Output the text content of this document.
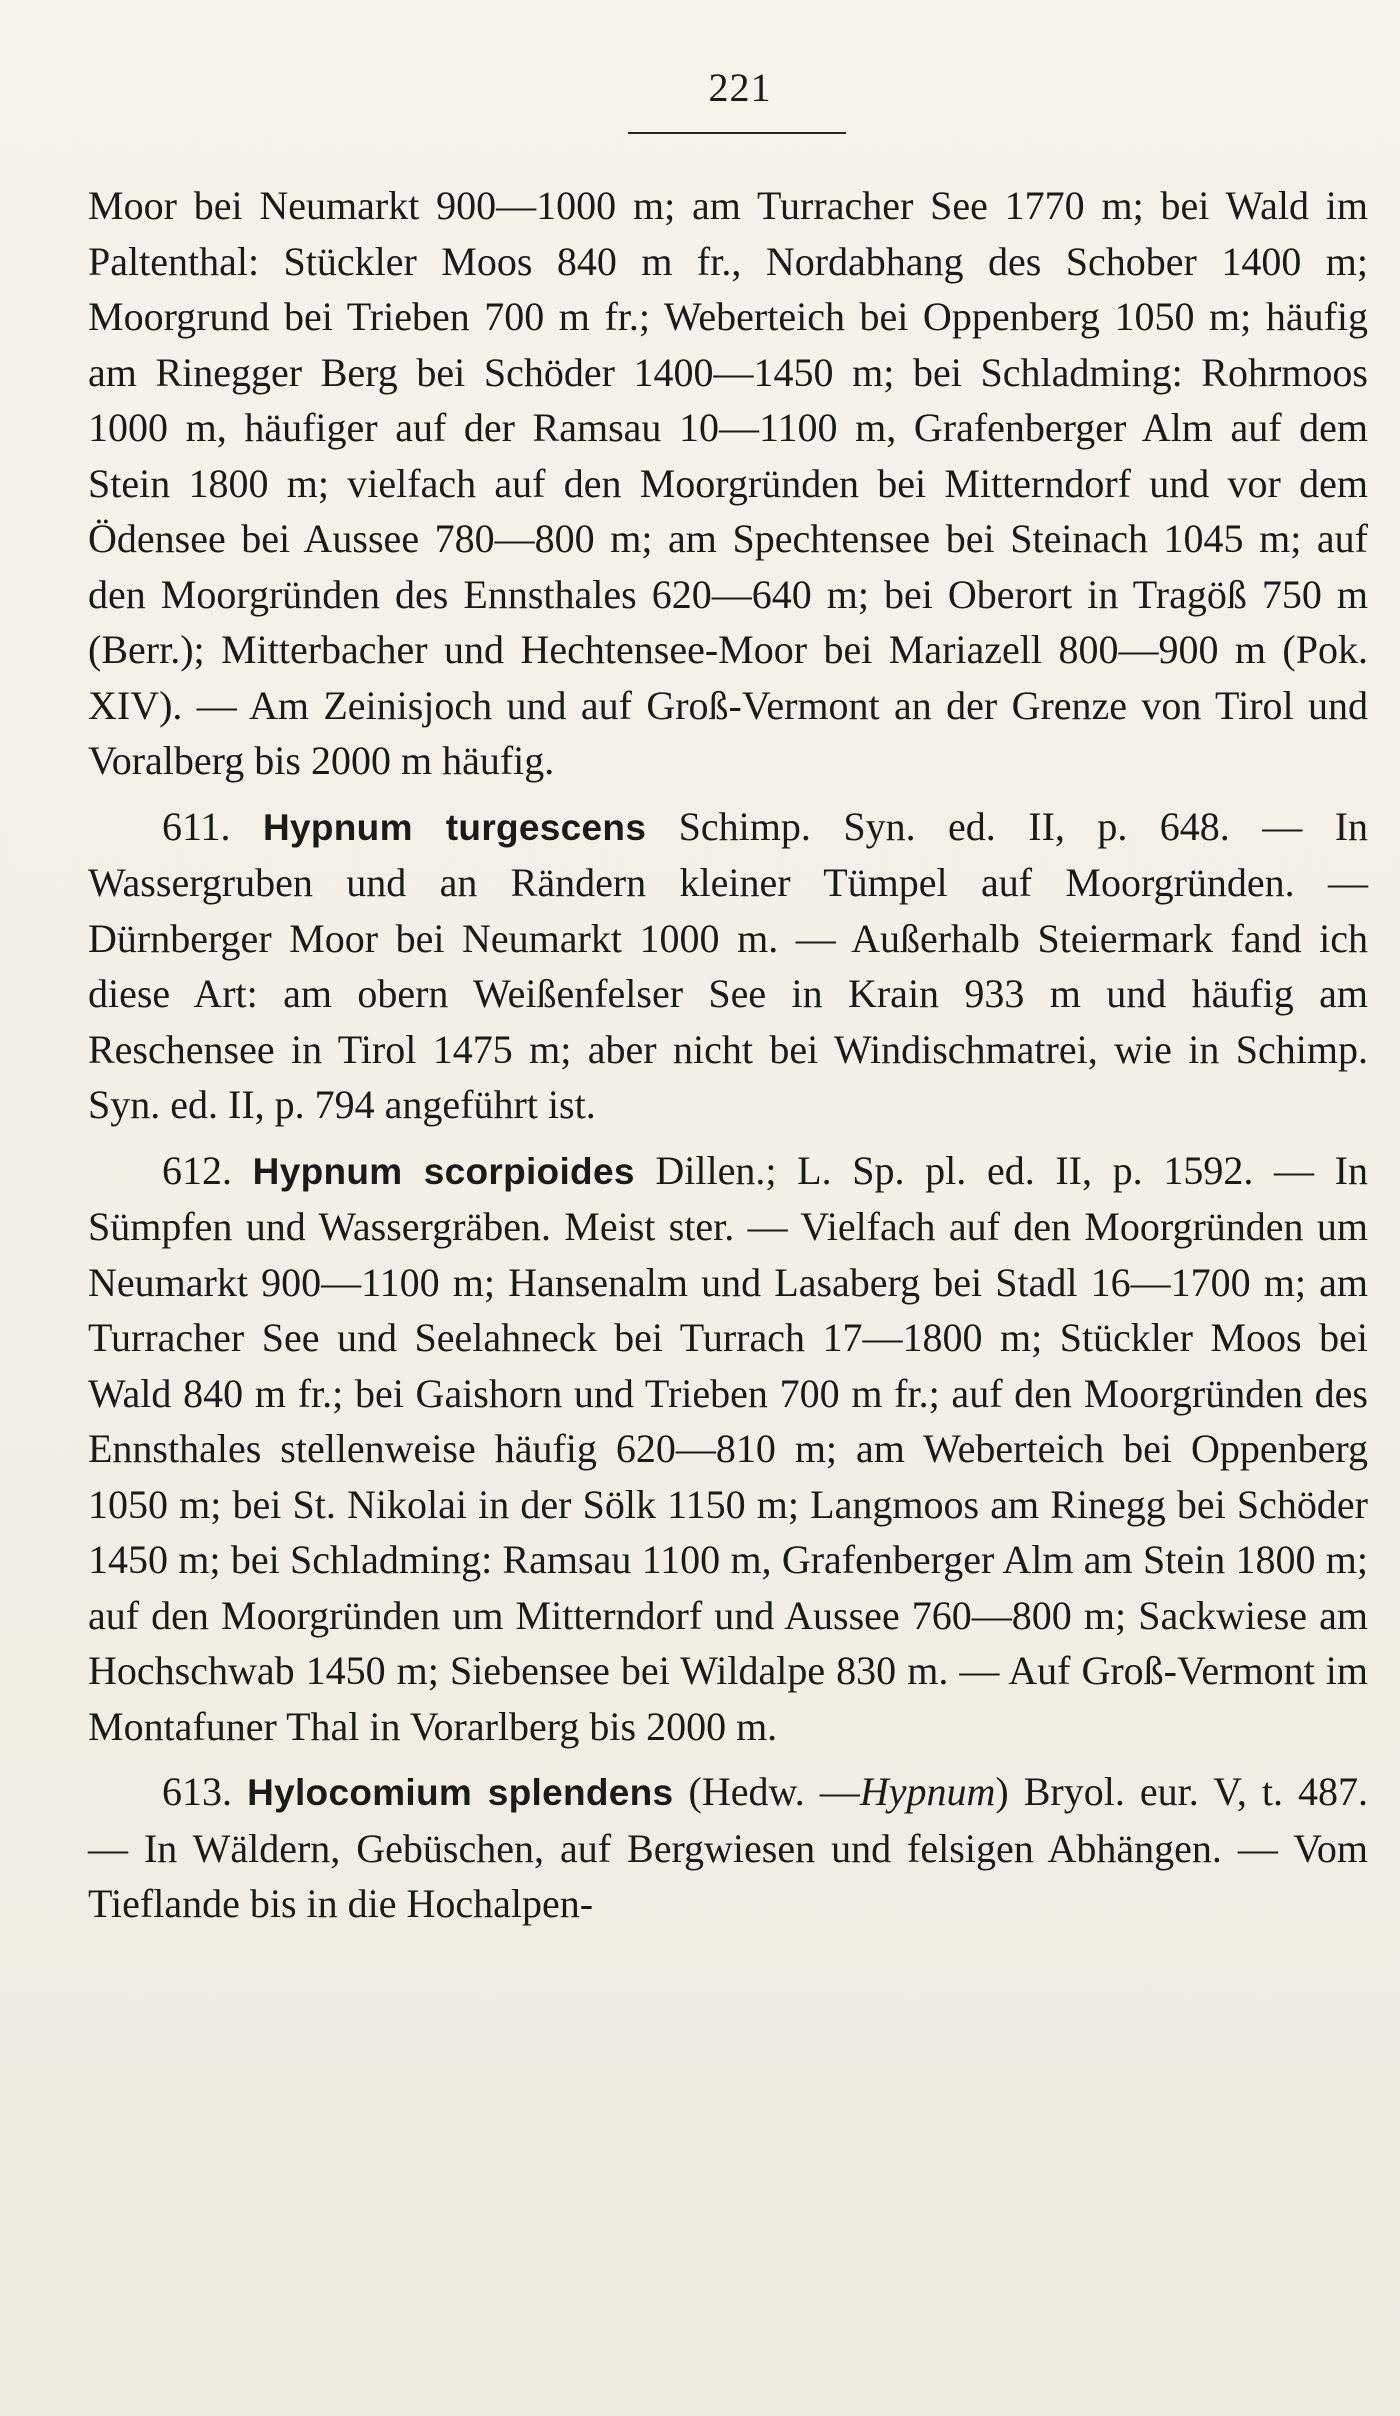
221

Moor bei Neumarkt 900—1000 m; am Turracher See 1770 m; bei Wald im Paltenthal: Stückler Moos 840 m fr., Nordabhang des Schober 1400 m; Moorgrund bei Trieben 700 m fr.; Weberteich bei Oppenberg 1050 m; häufig am Rinegger Berg bei Schöder 1400—1450 m; bei Schladming: Rohrmoos 1000 m, häufiger auf der Ramsau 10—1100 m, Grafenberger Alm auf dem Stein 1800 m; vielfach auf den Moorgründen bei Mitterndorf und vor dem Ödensee bei Aussee 780—800 m; am Spechtensee bei Steinach 1045 m; auf den Moorgründen des Ennsthales 620—640 m; bei Oberort in Tragöß 750 m (Berr.); Mitterbacher und Hechtensee-Moor bei Mariazell 800—900 m (Pok. XIV). — Am Zeinisjoch und auf Groß-Vermont an der Grenze von Tirol und Voralberg bis 2000 m häufig.

611. Hypnum turgescens Schimp. Syn. ed. II, p. 648. — In Wassergruben und an Rändern kleiner Tümpel auf Moorgründen. — Dürnberger Moor bei Neumarkt 1000 m. — Außerhalb Steiermark fand ich diese Art: am obern Weißenfelser See in Krain 933 m und häufig am Reschensee in Tirol 1475 m; aber nicht bei Windischmatrei, wie in Schimp. Syn. ed. II, p. 794 angeführt ist.

612. Hypnum scorpioides Dillen.; L. Sp. pl. ed. II, p. 1592. — In Sümpfen und Wassergräben. Meist ster. — Vielfach auf den Moorgründen um Neumarkt 900—1100 m; Hansenalm und Lasaberg bei Stadl 16—1700 m; am Turracher See und Seelahneck bei Turrach 17—1800 m; Stückler Moos bei Wald 840 m fr.; bei Gaishorn und Trieben 700 m fr.; auf den Moorgründen des Ennsthales stellenweise häufig 620—810 m; am Weberteich bei Oppenberg 1050 m; bei St. Nikolai in der Sölk 1150 m; Langmoos am Rinegg bei Schöder 1450 m; bei Schladming: Ramsau 1100 m, Grafenberger Alm am Stein 1800 m; auf den Moorgründen um Mitterndorf und Aussee 760—800 m; Sackwiese am Hochschwab 1450 m; Siebensee bei Wildalpe 830 m. — Auf Groß-Vermont im Montafuner Thal in Vorarlberg bis 2000 m.

613. Hylocomium splendens (Hedw. —Hypnum) Bryol. eur. V, t. 487. — In Wäldern, Gebüschen, auf Bergwiesen und felsigen Abhängen. — Vom Tieflande bis in die Hochalpen-
